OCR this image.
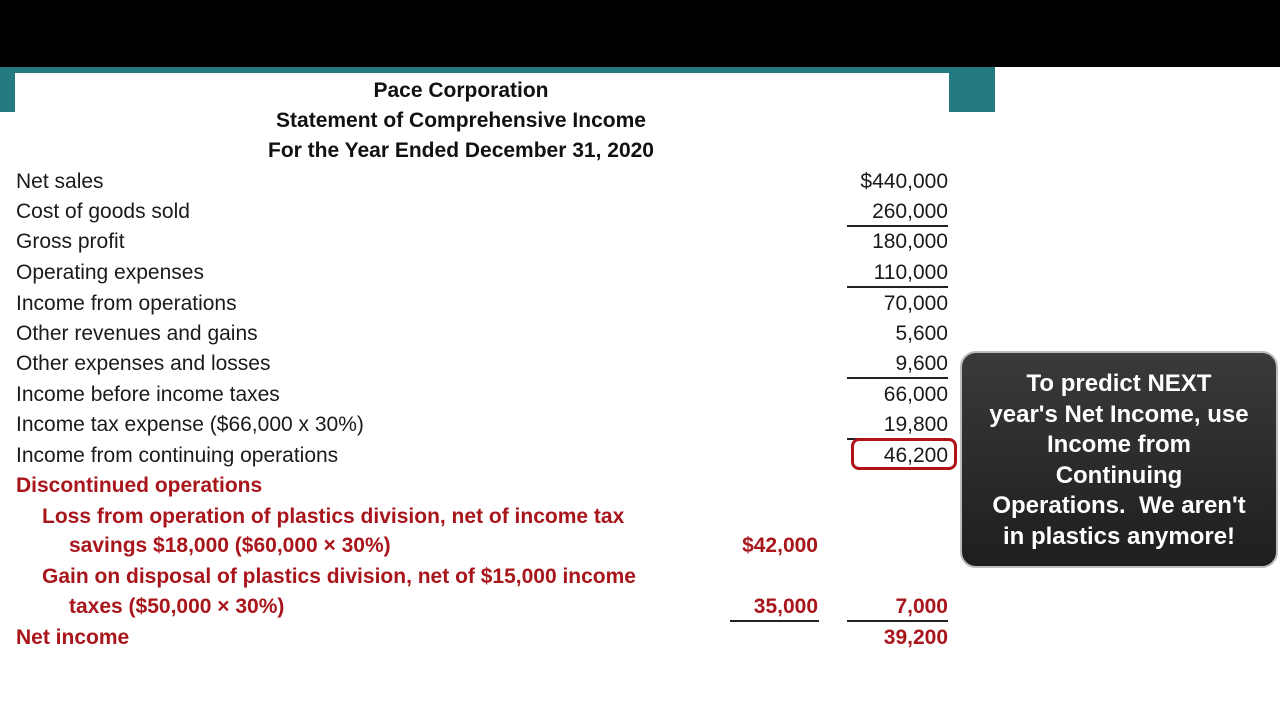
Pace Corporation
Statement of Comprehensive Income
For the Year Ended December 31, 2020
Net sales	$440,000
Cost of goods sold	260,000
Gross profit	180,000
Operating expenses	110,000
Income from operations	70,000
Other revenues and gains	5,600
Other expenses and losses	9,600
Income before income taxes	66,000
Income tax expense ($66,000 x 30%)	19,800
Income from continuing operations	46,200
Discontinued operations
Loss from operation of plastics division, net of income tax
savings $18,000 ($60,000 × 30%)	$42,000
Gain on disposal of plastics division, net of $15,000 income
taxes ($50,000 × 30%)	35,000	7,000
Net income	39,200
To predict NEXT
year's Net Income, use
Income from
Continuing
Operations.  We aren't
in plastics anymore!
